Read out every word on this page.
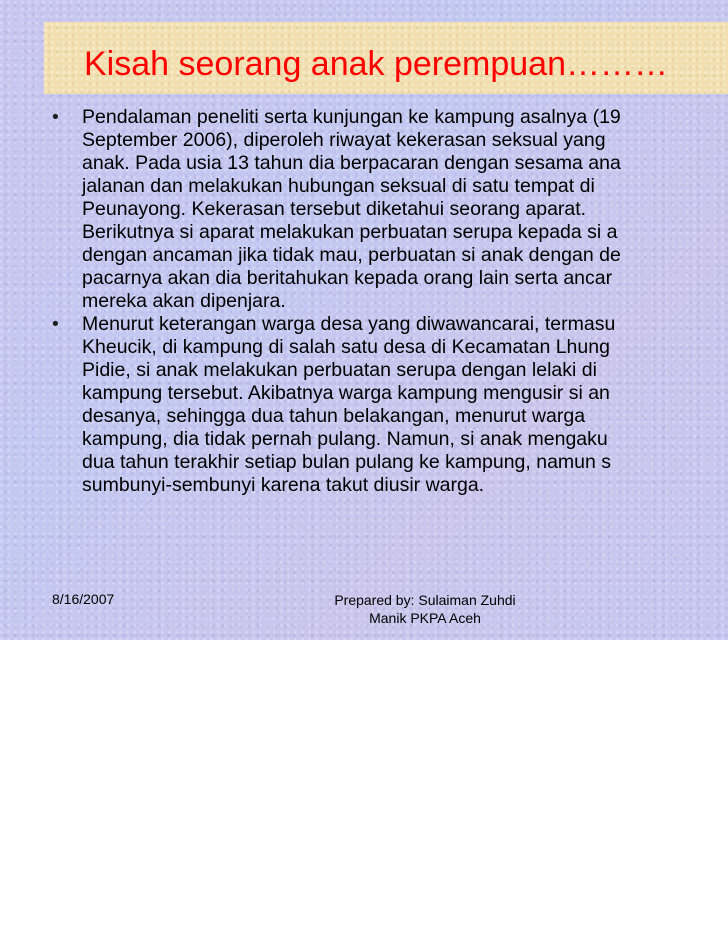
Kisah seorang anak perempuan………
•	Pendalaman peneliti serta kunjungan ke kampung asalnya (19
September 2006), diperoleh riwayat kekerasan seksual yang
anak. Pada usia 13 tahun dia berpacaran dengan sesama ana
jalanan dan melakukan hubungan seksual di satu tempat di
Peunayong. Kekerasan tersebut diketahui seorang aparat.
Berikutnya si aparat melakukan perbuatan serupa kepada si a
dengan ancaman jika tidak mau, perbuatan si anak dengan de
pacarnya akan dia beritahukan kepada orang lain serta ancar
mereka akan dipenjara.
•	Menurut keterangan warga desa yang diwawancarai, termasu
Kheucik, di kampung di salah satu desa di Kecamatan Lhung
Pidie, si anak melakukan perbuatan serupa dengan lelaki di
kampung tersebut. Akibatnya warga kampung mengusir si an
desanya, sehingga dua tahun belakangan, menurut warga
kampung, dia tidak pernah pulang. Namun, si anak mengaku
dua tahun terakhir setiap bulan pulang ke kampung, namun s
sumbunyi-sembunyi karena takut diusir warga.
8/16/2007	Prepared by: Sulaiman Zuhdi
Manik PKPA Aceh
